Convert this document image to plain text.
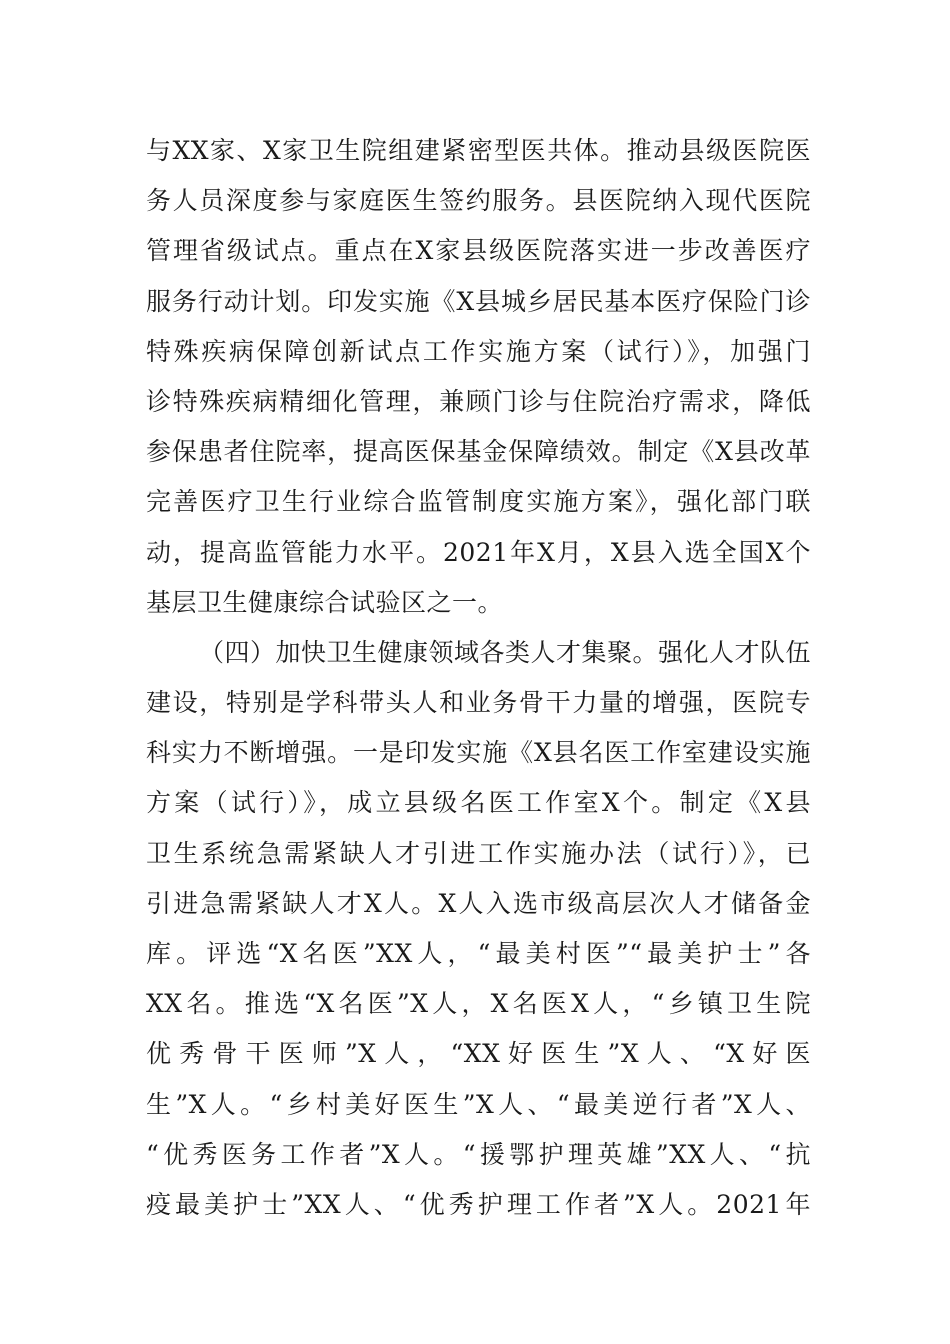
与XX家、X家卫生院组建紧密型医共体。推动县级医院医
务人员深度参与家庭医生签约服务。县医院纳入现代医院
管理省级试点。重点在X家县级医院落实进一步改善医疗
服务行动计划。印发实施《X县城乡居民基本医疗保险门诊
特殊疾病保障创新试点工作实施方案（试行）》，加强门
诊特殊疾病精细化管理，兼顾门诊与住院治疗需求，降低
参保患者住院率，提高医保基金保障绩效。制定《X县改革
完善医疗卫生行业综合监管制度实施方案》，强化部门联
动，提高监管能力水平。2021年X月，X县入选全国X个
基层卫生健康综合试验区之一。
（四）加快卫生健康领域各类人才集聚。强化人才队伍
建设，特别是学科带头人和业务骨干力量的增强，医院专
科实力不断增强。一是印发实施《X县名医工作室建设实施
方案（试行）》，成立县级名医工作室X个。制定《X县
卫生系统急需紧缺人才引进工作实施办法（试行）》，已
引进急需紧缺人才X人。X人入选市级高层次人才储备金
库。评选“X名医”XX人，“最美村医”“最美护士”各
XX名。推选“X名医”X人，X名医X人，“乡镇卫生院
优秀骨干医师”X人，“XX好医生”X人、“X好医
生”X人。“乡村美好医生”X人、“最美逆行者”X人、
“优秀医务工作者”X人。“援鄂护理英雄”XX人、“抗
疫最美护士”XX人、“优秀护理工作者”X人。2021年
